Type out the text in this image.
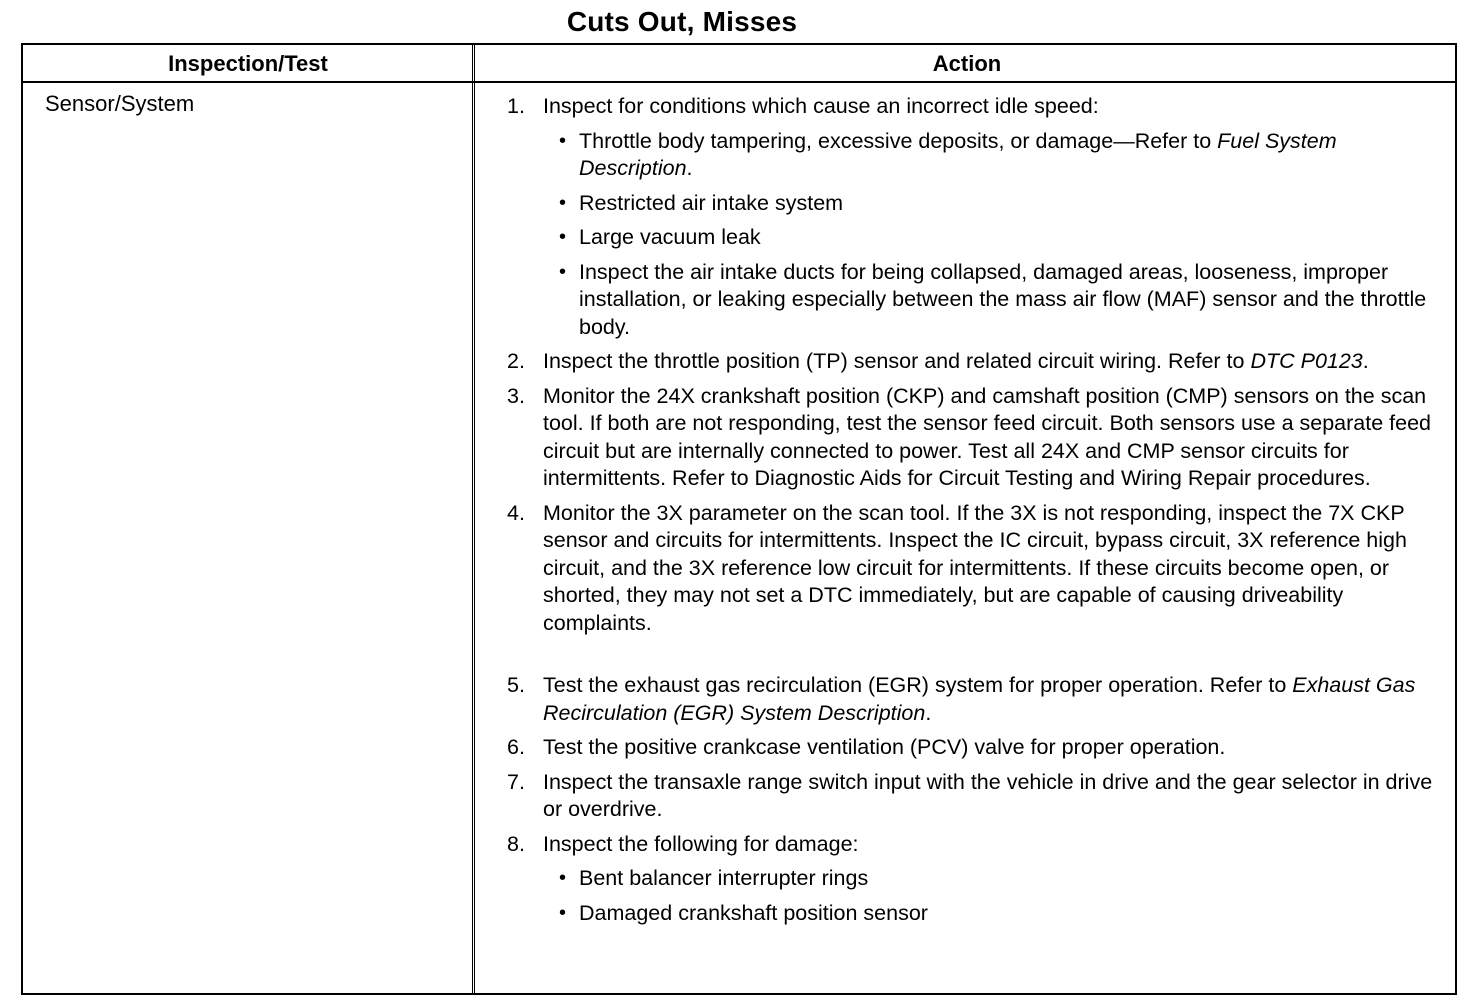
Cuts Out, Misses
Inspection/Test	Action
Sensor/System	1. Inspect for conditions which cause an incorrect idle speed:
• Throttle body tampering, excessive deposits, or damage—Refer to Fuel System Description.
• Restricted air intake system
• Large vacuum leak
• Inspect the air intake ducts for being collapsed, damaged areas, looseness, improper installation, or leaking especially between the mass air flow (MAF) sensor and the throttle body.
2. Inspect the throttle position (TP) sensor and related circuit wiring. Refer to DTC P0123.
3. Monitor the 24X crankshaft position (CKP) and camshaft position (CMP) sensors on the scan tool. If both are not responding, test the sensor feed circuit. Both sensors use a separate feed circuit but are internally connected to power. Test all 24X and CMP sensor circuits for intermittents. Refer to Diagnostic Aids for Circuit Testing and Wiring Repair procedures.
4. Monitor the 3X parameter on the scan tool. If the 3X is not responding, inspect the 7X CKP sensor and circuits for intermittents. Inspect the IC circuit, bypass circuit, 3X reference high circuit, and the 3X reference low circuit for intermittents. If these circuits become open, or shorted, they may not set a DTC immediately, but are capable of causing driveability complaints.
5. Test the exhaust gas recirculation (EGR) system for proper operation. Refer to Exhaust Gas Recirculation (EGR) System Description.
6. Test the positive crankcase ventilation (PCV) valve for proper operation.
7. Inspect the transaxle range switch input with the vehicle in drive and the gear selector in drive or overdrive.
8. Inspect the following for damage:
• Bent balancer interrupter rings
• Damaged crankshaft position sensor
